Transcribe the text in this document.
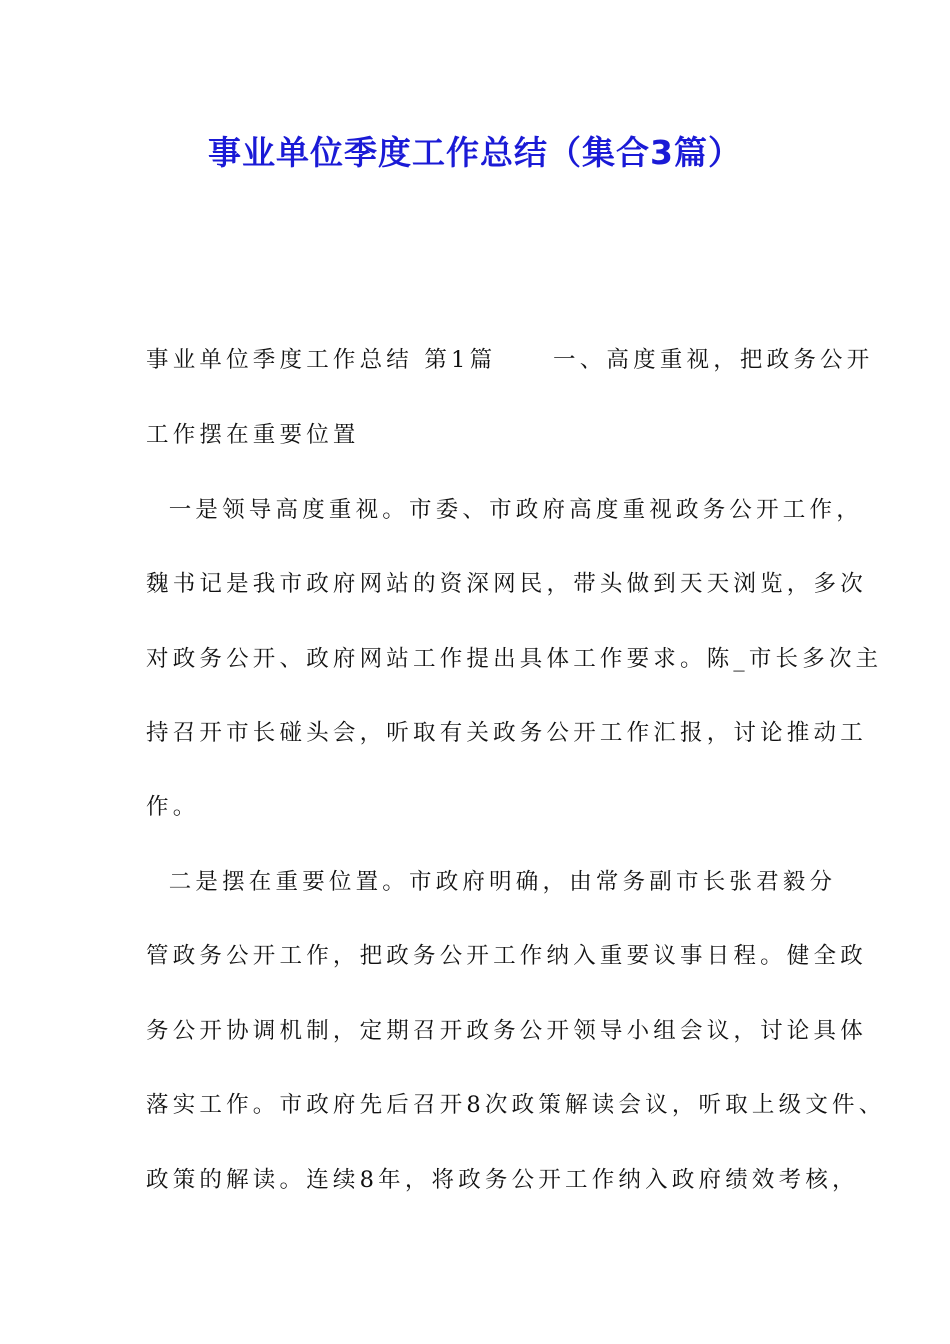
事业单位季度工作总结（集合3篇）
事业单位季度工作总结 第1篇     一、高度重视，把政务公开
工作摆在重要位置
一是领导高度重视。市委、市政府高度重视政务公开工作，
魏书记是我市政府网站的资深网民，带头做到天天浏览，多次
对政务公开、政府网站工作提出具体工作要求。陈_市长多次主
持召开市长碰头会，听取有关政务公开工作汇报，讨论推动工
作。
二是摆在重要位置。市政府明确，由常务副市长张君毅分
管政务公开工作，把政务公开工作纳入重要议事日程。健全政
务公开协调机制，定期召开政务公开领导小组会议，讨论具体
落实工作。市政府先后召开8次政策解读会议，听取上级文件、
政策的解读。连续8年，将政务公开工作纳入政府绩效考核，
